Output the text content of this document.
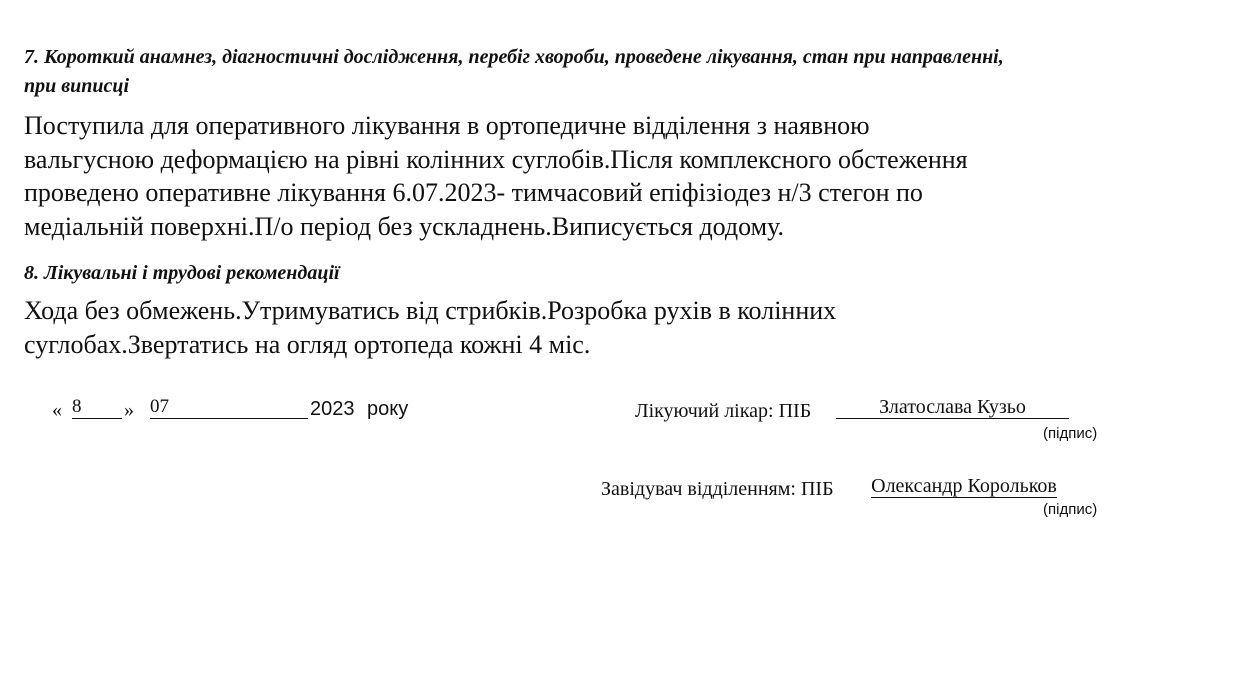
7. Короткий анамнез, діагностичні дослідження, перебіг хвороби, проведене лікування, стан при направленні, при виписці
Поступила для оперативного лікування в ортопедичне відділення з наявною
вальгусною деформацією на рівні колінних суглобів.Після комплексного обстеження
проведено оперативне лікування 6.07.2023- тимчасовий епіфізіодез н/3 стегон по
медіальній поверхні.П/о період без ускладнень.Виписується додому.
8. Лікувальні і трудові рекомендації
Хода без обмежень.Утримуватись від стрибків.Розробка рухів в колінних
суглобах.Звертатись на огляд ортопеда кожні 4 міс.
« 8	» 07	2023 року	Лікуючий лікар: ПІБ	Златослава Кузьо
(підпис)
Завідувач відділенням: ПІБ Олександр Корольков
(підпис)
